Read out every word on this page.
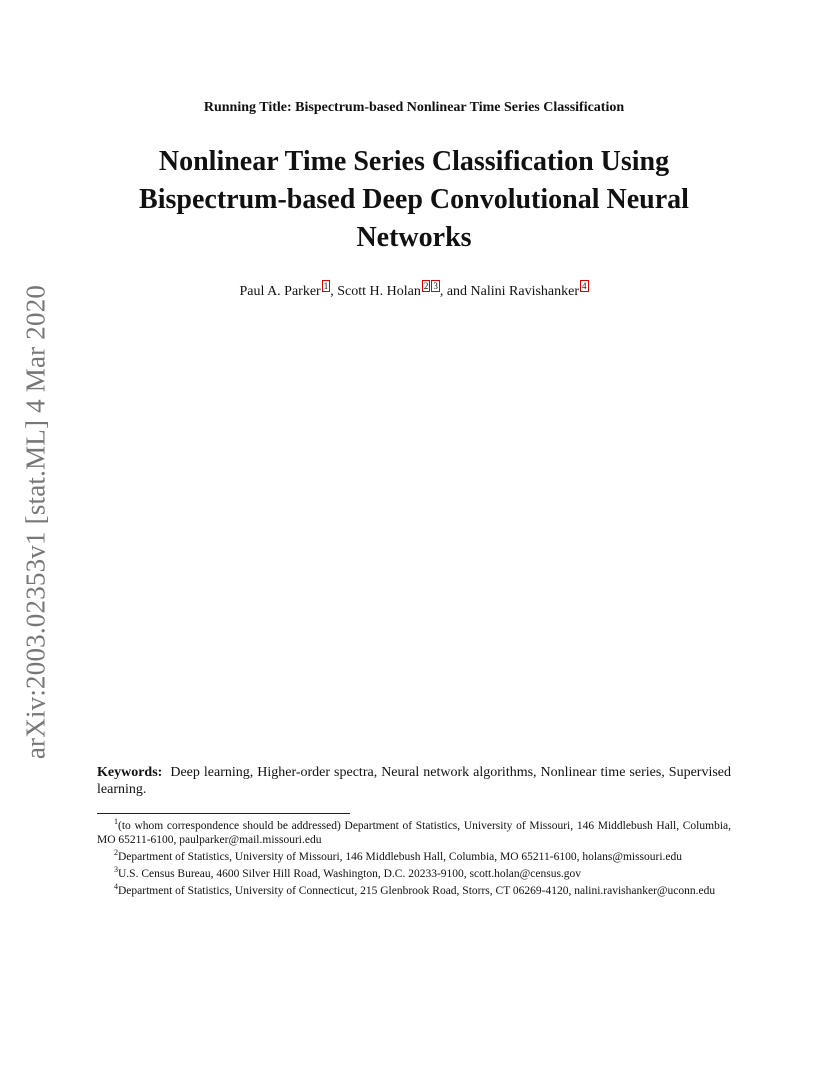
Running Title: Bispectrum-based Nonlinear Time Series Classification
Nonlinear Time Series Classification Using
Bispectrum-based Deep Convolutional Neural
Networks
Paul A. Parker $^1$ , Scott H. Holan $^2$ $^3$ , and Nalini Ravishanker $^4$
arXiv:2003.02353v1 [stat.ML] 4 Mar 2020
Keywords: Deep learning, Higher-order spectra, Neural network algorithms, Nonlinear time series, Supervised learning.

$^1$(to whom correspondence should be addressed) Department of Statistics, University of Missouri, 146 Middlebush Hall, Columbia, MO 65211-6100, paulparker@mail.missouri.edu

$^2$Department of Statistics, University of Missouri, 146 Middlebush Hall, Columbia, MO 65211-6100, holans@missouri.edu

$^3$U.S. Census Bureau, 4600 Silver Hill Road, Washington, D.C. 20233-9100, scott.holan@census.gov

$^4$Department of Statistics, University of Connecticut, 215 Glenbrook Road, Storrs, CT 06269-4120, nalini.ravishanker@uconn.edu
